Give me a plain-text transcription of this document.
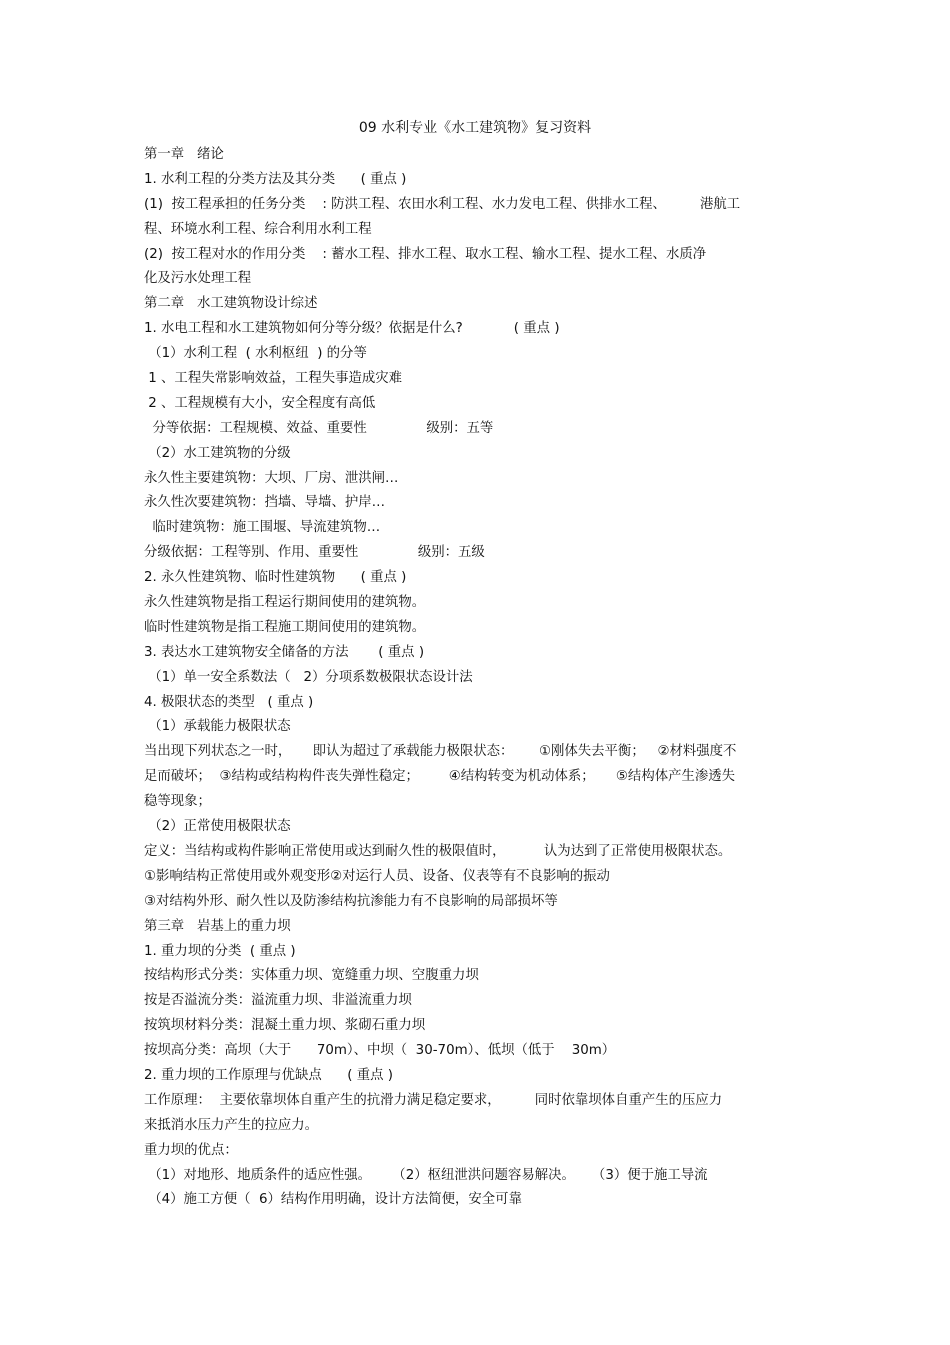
09 水利专业《水工建筑物》复习资料
第一章   绪论
1. 水利工程的分类方法及其分类      ( 重点 )
(1)  按工程承担的任务分类    : 防洪工程、农田水利工程、水力发电工程、供排水工程、        港航工
程、环境水利工程、综合利用水利工程
(2)  按工程对水的作用分类    : 蓄水工程、排水工程、取水工程、输水工程、提水工程、水质净
化及污水处理工程
第二章   水工建筑物设计综述
1. 水电工程和水工建筑物如何分等分级？依据是什么?            ( 重点 )
（1）水利工程  ( 水利枢纽  ) 的分等
1 、工程失常影响效益，工程失事造成灾难
2 、工程规模有大小，安全程度有高低
分等依据：工程规模、效益、重要性              级别：五等
（2）水工建筑物的分级
永久性主要建筑物：大坝、厂房、泄洪闸…
永久性次要建筑物：挡墙、导墙、护岸…
临时建筑物：施工围堰、导流建筑物…
分级依据：工程等别、作用、重要性              级别：五级
2. 永久性建筑物、临时性建筑物      ( 重点 )
永久性建筑物是指工程运行期间使用的建筑物。
临时性建筑物是指工程施工期间使用的建筑物。
3. 表达水工建筑物安全储备的方法       ( 重点 )
（1）单一安全系数法（   2）分项系数极限状态设计法
4. 极限状态的类型   ( 重点 )
（1）承载能力极限状态
当出现下列状态之一时，     即认为超过了承载能力极限状态：      ①刚体失去平衡；   ②材料强度不
足而破坏；  ③结构或结构构件丧失弹性稳定；       ④结构转变为机动体系；     ⑤结构体产生渗透失
稳等现象；
（2）正常使用极限状态
定义：当结构或构件影响正常使用或达到耐久性的极限值时，         认为达到了正常使用极限状态。
①影响结构正常使用或外观变形②对运行人员、设备、仪表等有不良影响的振动
③对结构外形、耐久性以及防渗结构抗渗能力有不良影响的局部损坏等
第三章   岩基上的重力坝
1. 重力坝的分类  ( 重点 )
按结构形式分类：实体重力坝、宽缝重力坝、空腹重力坝
按是否溢流分类：溢流重力坝、非溢流重力坝
按筑坝材料分类：混凝土重力坝、浆砌石重力坝
按坝高分类：高坝（大于      70m）、中坝（  30-70m）、低坝（低于    30m）
2. 重力坝的工作原理与优缺点      ( 重点 )
工作原理：  主要依靠坝体自重产生的抗滑力满足稳定要求，        同时依靠坝体自重产生的压应力
来抵消水压力产生的拉应力。
重力坝的优点：
（1）对地形、地质条件的适应性强。     （2）枢纽泄洪问题容易解决。    （3）便于施工导流
（4）施工方便（  6）结构作用明确，设计方法简便，安全可靠
